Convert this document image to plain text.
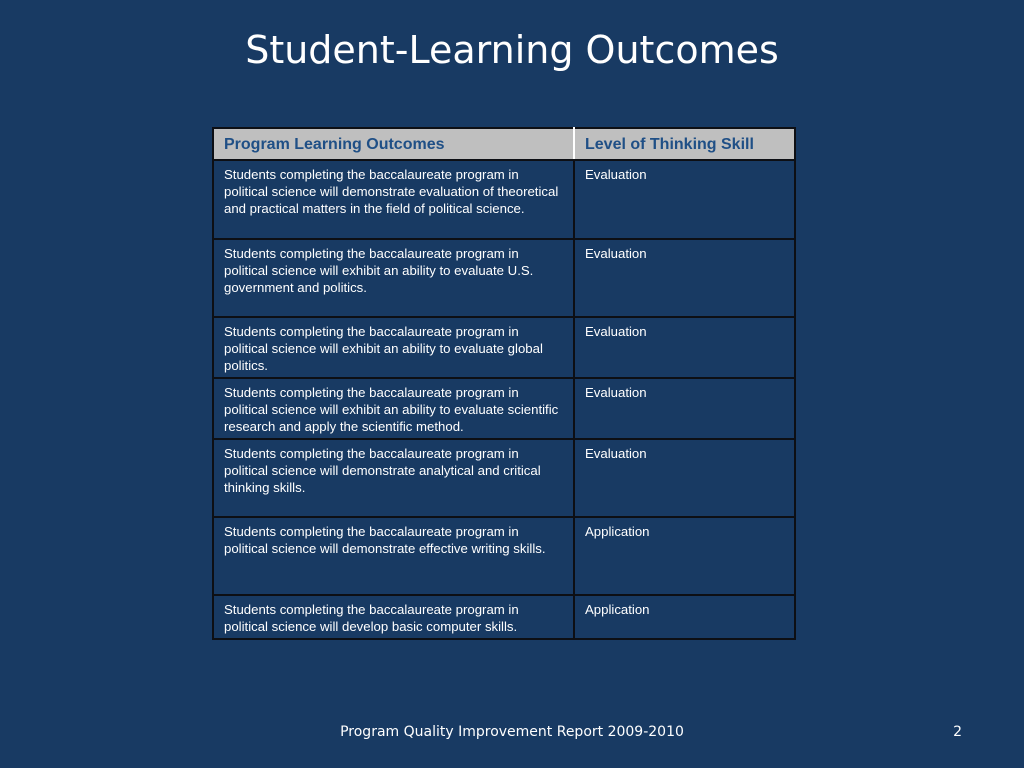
Student-Learning Outcomes
Program Learning Outcomes	Level of Thinking Skill
Students completing the baccalaureate program in political science will demonstrate evaluation of theoretical and practical matters in the field of political science.	Evaluation
Students completing the baccalaureate program in political science will exhibit an ability to evaluate U.S. government and politics.	Evaluation
Students completing the baccalaureate program in political science will exhibit an ability to evaluate global politics.	Evaluation
Students completing the baccalaureate program in political science will exhibit an ability to evaluate scientific research and apply the scientific method.	Evaluation
Students completing the baccalaureate program in political science will demonstrate analytical and critical thinking skills.	Evaluation
Students completing the baccalaureate program in political science will demonstrate effective writing skills.	Application
Students completing the baccalaureate program in political science will develop basic computer skills.	Application
Program Quality Improvement Report 2009-2010	2
